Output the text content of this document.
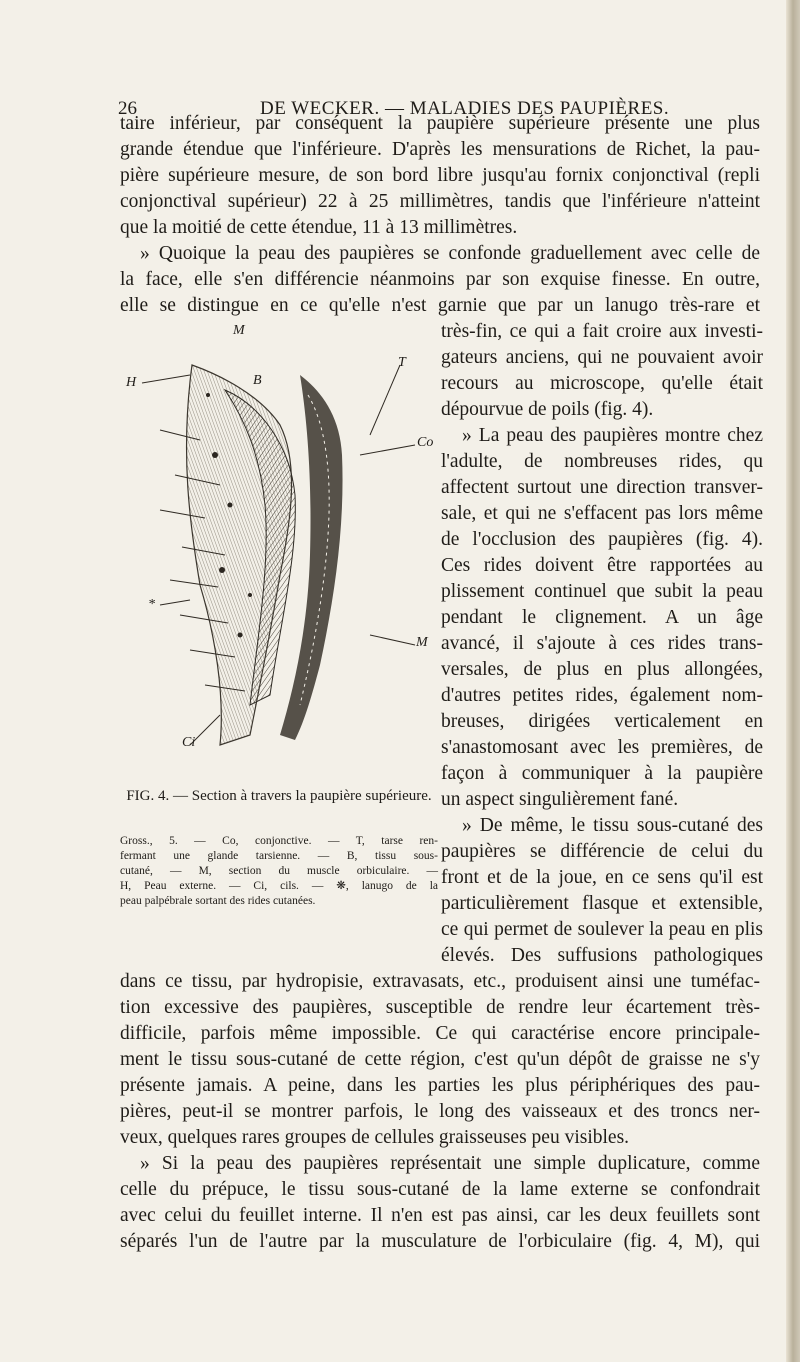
26	DE WECKER. — MALADIES DES PAUPIÈRES.
taire inférieur, par conséquent la paupière supérieure présente une plus
grande étendue que l'inférieure. D'après les mensurations de Richet, la pau-
pière supérieure mesure, de son bord libre jusqu'au fornix conjonctival (repli
conjonctival supérieur) 22 à 25 millimètres, tandis que l'inférieure n'atteint
que la moitié de cette étendue, 11 à 13 millimètres.
» Quoique la peau des paupières se confonde graduellement avec celle de
la face, elle s'en différencie néanmoins par son exquise finesse. En outre,
elle se distingue en ce qu'elle n'est garnie que par un lanugo très-rare et
très-fin, ce qui a fait croire aux investi-
gateurs anciens, qui ne pouvaient avoir
recours au microscope, qu'elle était
dépourvue de poils (fig. 4).
» La peau des paupières montre chez
l'adulte, de nombreuses rides, qu
affectent surtout une direction transver-
sale, et qui ne s'effacent pas lors même
de l'occlusion des paupières (fig. 4).
Ces rides doivent être rapportées au
plissement continuel que subit la peau
pendant le clignement. A un âge
avancé, il s'ajoute à ces rides trans-
versales, de plus en plus allongées,
d'autres petites rides, également nom-
breuses, dirigées verticalement en
s'anastomosant avec les premières, de
façon à communiquer à la paupière
un aspect singulièrement fané.
» De même, le tissu sous-cutané des
paupières se différencie de celui du
front et de la joue, en ce sens qu'il est
particulièrement flasque et extensible,
ce qui permet de soulever la peau en plis
élevés. Des suffusions pathologiques
dans ce tissu, par hydropisie, extravasats, etc., produisent ainsi une tuméfac-
tion excessive des paupières, susceptible de rendre leur écartement très-
difficile, parfois même impossible. Ce qui caractérise encore principale-
ment le tissu sous-cutané de cette région, c'est qu'un dépôt de graisse ne s'y
présente jamais. A peine, dans les parties les plus périphériques des pau-
pières, peut-il se montrer parfois, le long des vaisseaux et des troncs ner-
veux, quelques rares groupes de cellules graisseuses peu visibles.
» Si la peau des paupières représentait une simple duplicature, comme
celle du prépuce, le tissu sous-cutané de la lame externe se confondrait
avec celui du feuillet interne. Il n'en est pas ainsi, car les deux feuillets sont
séparés l'un de l'autre par la musculature de l'orbiculaire (fig. 4, M), qui
M
H	B
T
Co
*
M
Ci
FIG. 4. — Section à travers la paupière supérieure.
Gross., 5. — Co, conjonctive. — T, tarse ren-
fermant une glande tarsienne. — B, tissu sous-
cutané, — M, section du muscle orbiculaire. —
H, Peau externe. — Ci, cils. — ❋, lanugo de la
peau palpébrale sortant des rides cutanées.
